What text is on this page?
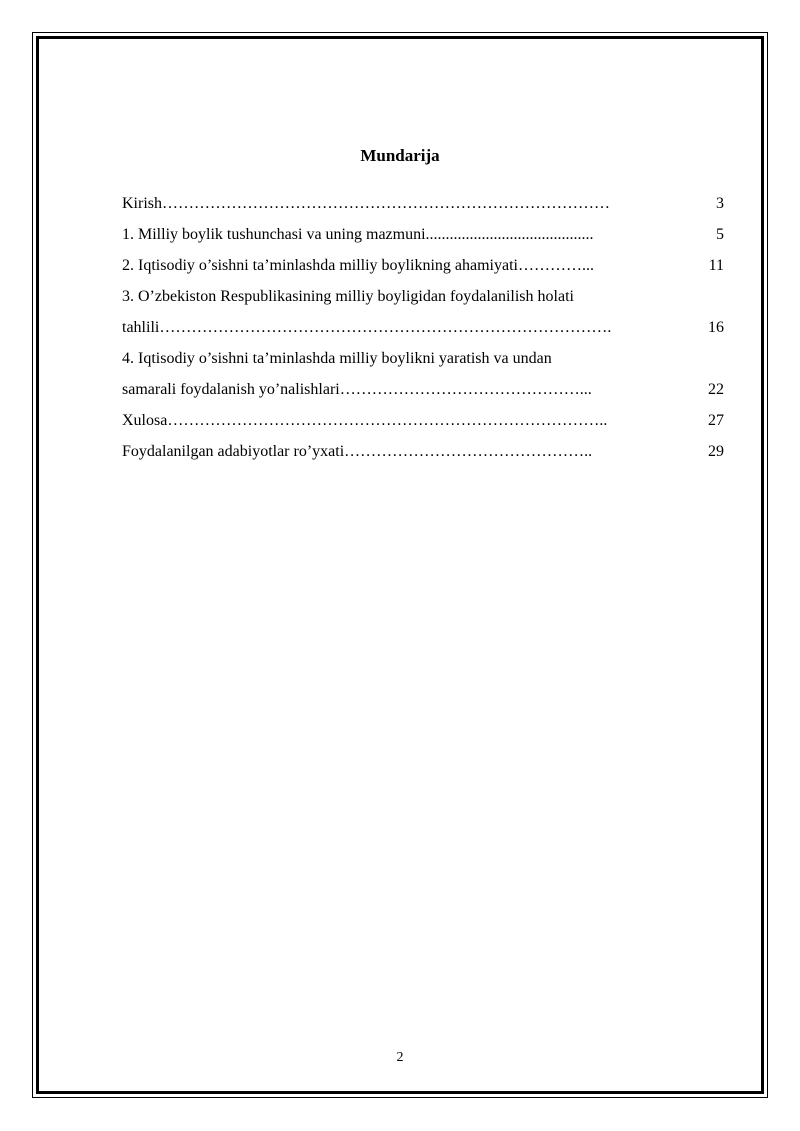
Mundarija
Kirish …………………………………………………………………………	3
1. Milliy boylik tushunchasi va uning mazmuni ..........................................	5
2. Iqtisodiy o’sishni ta’minlashda milliy boylikning ahamiyati …………...	11
3. O’zbekiston Respublikasining milliy boyligidan foydalanilish holati
tahlili ………………………………………………………………………….	16
4. Iqtisodiy o’sishni ta’minlashda milliy boylikni yaratish va undan
samarali foydalanish yo’nalishlari ………………………………………...	22
Xulosa ………………………………………………………………………..	27
Foydalanilgan adabiyotlar ro’yxati ………………………………………..	29
2
